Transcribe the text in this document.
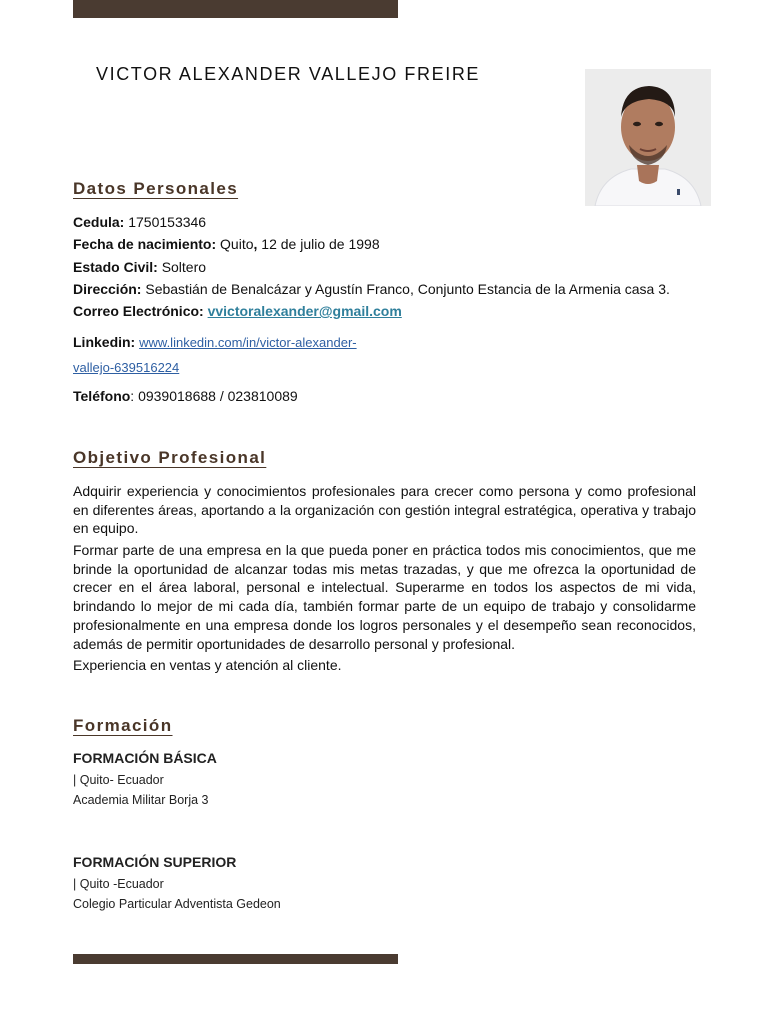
VICTOR ALEXANDER VALLEJO FREIRE
Datos Personales
Cedula: 1750153346
Fecha de nacimiento: Quito, 12 de julio de 1998
Estado Civil: Soltero
Dirección: Sebastián de Benalcázar y Agustín Franco, Conjunto Estancia de la Armenia casa 3.
Correo Electrónico: vvictoralexander@gmail.com
Linkedin: www.linkedin.com/in/victor-alexander-
vallejo-639516224
Teléfono: 0939018688 / 023810089
Objetivo Profesional
Adquirir experiencia y conocimientos profesionales para crecer como persona y como profesional en diferentes áreas, aportando a la organización con gestión integral estratégica, operativa y trabajo en equipo.
Formar parte de una empresa en la que pueda poner en práctica todos mis conocimientos, que me brinde la oportunidad de alcanzar todas mis metas trazadas, y que me ofrezca la oportunidad de crecer en el área laboral, personal e intelectual. Superarme en todos los aspectos de mi vida, brindando lo mejor de mi cada día, también formar parte de un equipo de trabajo y consolidarme profesionalmente en una empresa donde los logros personales y el desempeño sean reconocidos, además de permitir oportunidades de desarrollo personal y profesional.
Experiencia en ventas y atención al cliente.
Formación
FORMACIÓN BÁSICA
| Quito- Ecuador
Academia Militar Borja 3
FORMACIÓN SUPERIOR
| Quito -Ecuador
Colegio Particular Adventista Gedeon
